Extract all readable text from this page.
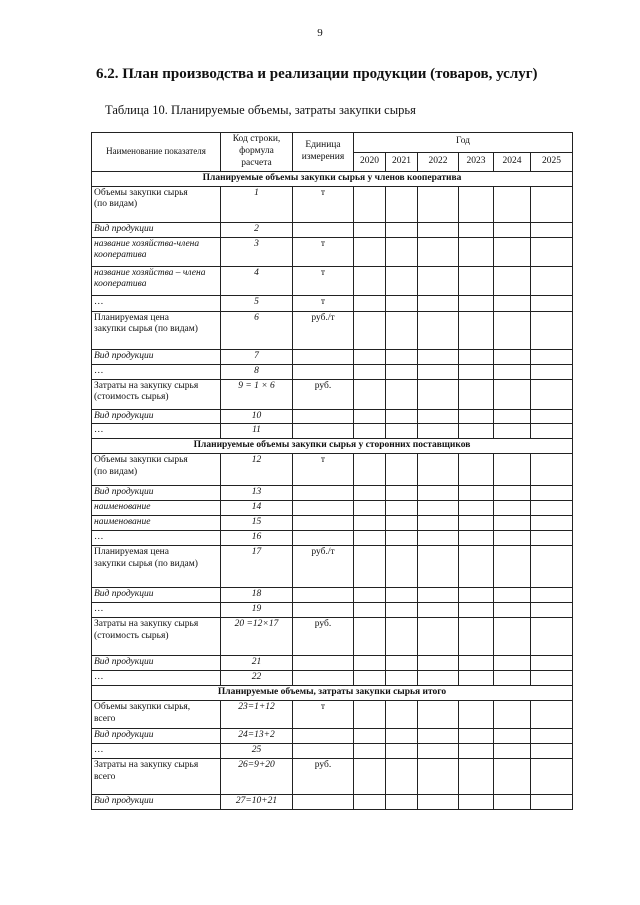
9
6.2. План производства и реализации продукции (товаров, услуг)
Таблица 10. Планируемые объемы, затраты закупки сырья
Наименование показателя	Код строки, формула расчета	Единица измерения	Год					
			2020	2021	2022	2023	2024	2025
Планируемые объемы закупки сырья у членов кооператива								
Объемы закупки сырья
(по видам)	1	т						
Вид продукции	2							
название хозяйства-члена кооператива	3	т						
название хозяйства – члена кооператива	4	т						
…	5	т						
Планируемая цена
закупки сырья (по видам)	6	руб./т						
Вид продукции	7							
…	8							
Затраты на закупку сырья
(стоимость сырья)	9 = 1 × 6	руб.						
Вид продукции	10							
…	11							
Планируемые объемы закупки сырья у сторонних поставщиков								
Объемы закупки сырья
(по видам)	12	т						
Вид продукции	13							
наименование	14							
наименование	15							
…	16							
Планируемая цена
закупки сырья (по видам)	17	руб./т						
Вид продукции	18							
…	19							
Затраты на закупку сырья
(стоимость сырья)	20 =12×17	руб.						
Вид продукции	21							
…	22							
Планируемые объемы, затраты закупки сырья итого								
Объемы закупки сырья,
всего	23=1+12	т						
Вид продукции	24=13+2							
…	25							
Затраты на закупку сырья
всего	26=9+20	руб.						
Вид продукции	27=10+21							
